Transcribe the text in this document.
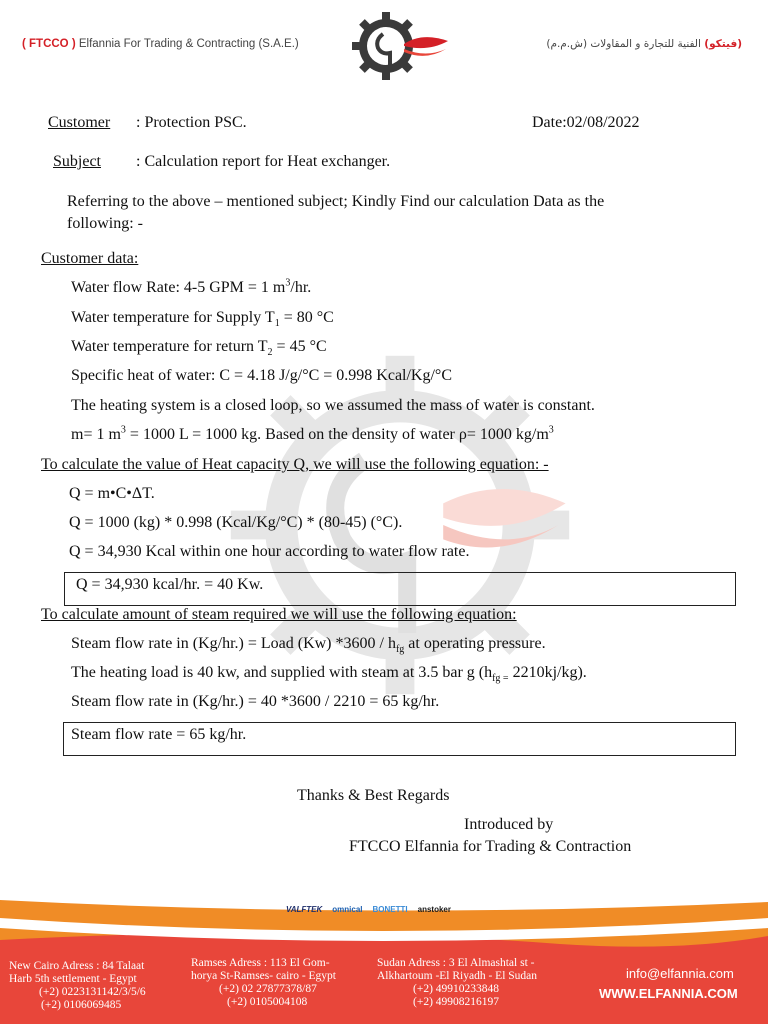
( FTCCO ) Elfannia For Trading & Contracting (S.A.E.)	(فيتكو) الفنية للتجارة و المقاولات (ش.م.م)
Customer : Protection PSC.	Date:02/08/2022
Subject : Calculation report for Heat exchanger.
Referring to the above – mentioned subject; Kindly Find our calculation Data as the
following: -
Customer data:
Water flow Rate: 4-5 GPM = 1 $m^3/hr$.
Water temperature for Supply $T_1 = 80$ °C
Water temperature for return $T_2 = 45$ °C
Specific heat of water: C = 4.18 J/g/°C = 0.998 Kcal/Kg/°C
The heating system is a closed loop, so we assumed the mass of water is constant.
m= 1 $m^3 = 1000$ L = 1000 kg. Based on the density of water ρ= 1000 $kg/m^3$
To calculate the value of Heat capacity Q, we will use the following equation: -
Q = m•C•ΔT.
Q = 1000 (kg) * 0.998 (Kcal/Kg/°C) * (80-45) (°C).
Q = 34,930 Kcal within one hour according to water flow rate.
Q = 34,930 kcal/hr. = 40 Kw.
To calculate amount of steam required we will use the following equation:
Steam flow rate in (Kg/hr.) = Load (Kw) $*3600 / h_{fg}$ at operating pressure.
The heating load is 40 kw, and supplied with steam at 3.5 bar g ($h_{fg =}$ 2210kj/kg).
Steam flow rate in (Kg/hr.) = 40 *3600 / 2210 = 65 kg/hr.
Steam flow rate = 65 kg/hr.
Thanks & Best Regards
Introduced by
FTCCO Elfannia for Trading & Contraction
VALFTEK omnical BONETTI anstoker
New Cairo Adress : 84 Talaat
Harb 5th settlement - Egypt
(+2) 0223131142/3/5/6
(+2) 0106069485
Ramses Adress : 113 El Gom-
horya St-Ramses- cairo - Egypt
(+2) 02 27877378/87
(+2) 0105004108
Sudan Adress : 3 El Almashtal st -
Alkhartoum -El Riyadh - El Sudan
(+2) 49910233848
(+2) 49908216197
info@elfannia.com
WWW.ELFANNIA.COM
